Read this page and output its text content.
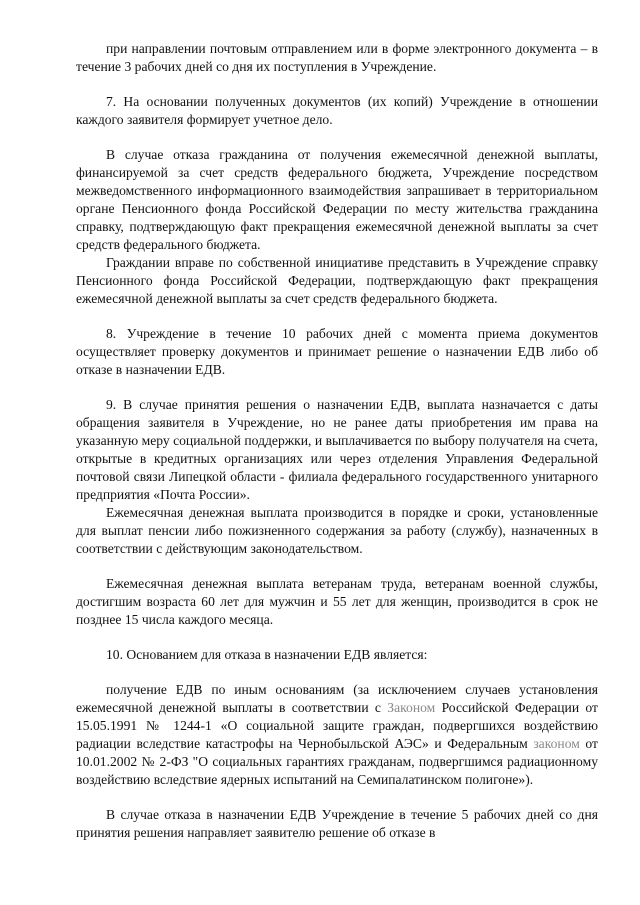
при направлении почтовым отправлением или в форме электронного документа – в течение 3 рабочих дней со дня их поступления в Учреждение.

7. На основании полученных документов (их копий) Учреждение в отношении каждого заявителя формирует учетное дело.

В случае отказа гражданина от получения ежемесячной денежной выплаты, финансируемой за счет средств федерального бюджета, Учреждение посредством межведомственного информационного взаимодействия запрашивает в территориальном органе Пенсионного фонда Российской Федерации по месту жительства гражданина справку, подтверждающую факт прекращения ежемесячной денежной выплаты за счет средств федерального бюджета.

Граждании вправе по собственной инициативе представить в Учреждение справку Пенсионного фонда Российской Федерации, подтверждающую факт прекращения ежемесячной денежной выплаты за счет средств федерального бюджета.

8. Учреждение в течение 10 рабочих дней с момента приема документов осуществляет проверку документов и принимает решение о назначении ЕДВ либо об отказе в назначении ЕДВ.

9. В случае принятия решения о назначении ЕДВ, выплата назначается с даты обращения заявителя в Учреждение, но не ранее даты приобретения им права на указанную меру социальной поддержки, и выплачивается по выбору получателя на счета, открытые в кредитных организациях или через отделения Управления Федеральной почтовой связи Липецкой области - филиала федерального государственного унитарного предприятия «Почта России».

Ежемесячная денежная выплата производится в порядке и сроки, установленные для выплат пенсии либо пожизненного содержания за работу (службу), назначенных в соответствии с действующим законодательством.

Ежемесячная денежная выплата ветеранам труда, ветеранам военной службы, достигшим возраста 60 лет для мужчин и 55 лет для женщин, производится в срок не позднее 15 числа каждого месяца.

10. Основанием для отказа в назначении ЕДВ является:

получение ЕДВ по иным основаниям (за исключением случаев установления ежемесячной денежной выплаты в соответствии с Законом Российской Федерации от 15.05.1991 № 1244-1 «О социальной защите граждан, подвергшихся воздействию радиации вследствие катастрофы на Чернобыльской АЭС» и Федеральным законом от 10.01.2002 № 2-ФЗ "О социальных гарантиях гражданам, подвергшимся радиационному воздействию вследствие ядерных испытаний на Семипалатинском полигоне»).

В случае отказа в назначении ЕДВ Учреждение в течение 5 рабочих дней со дня принятия решения направляет заявителю решение об отказе в
